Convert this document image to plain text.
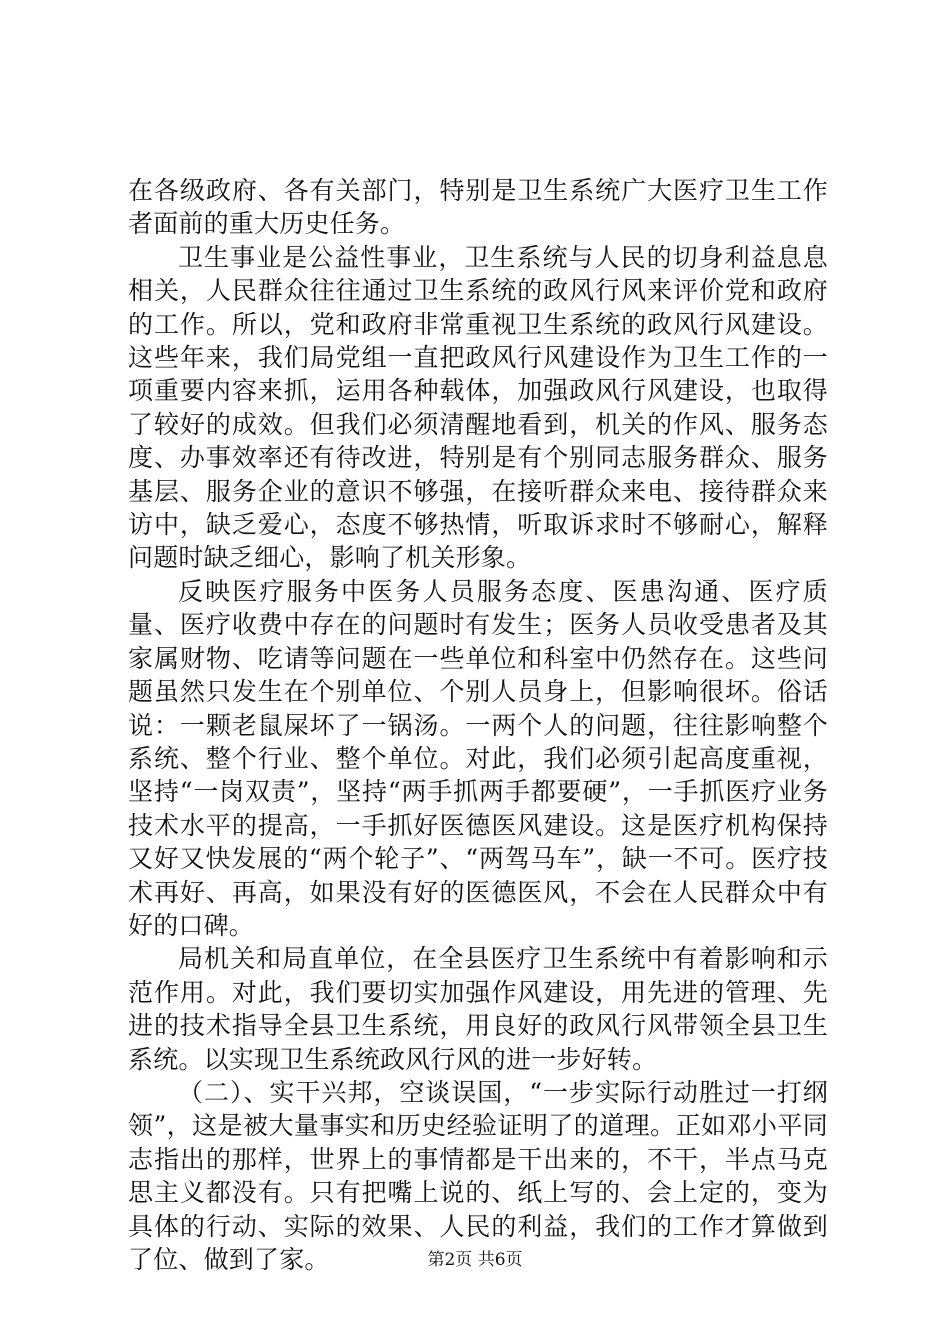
在各级政府、各有关部门，特别是卫生系统广大医疗卫生工作者面前的重大历史任务。

卫生事业是公益性事业，卫生系统与人民的切身利益息息相关，人民群众往往通过卫生系统的政风行风来评价党和政府的工作。所以，党和政府非常重视卫生系统的政风行风建设。这些年来，我们局党组一直把政风行风建设作为卫生工作的一项重要内容来抓，运用各种载体，加强政风行风建设，也取得了较好的成效。但我们必须清醒地看到，机关的作风、服务态度、办事效率还有待改进，特别是有个别同志服务群众、服务基层、服务企业的意识不够强，在接听群众来电、接待群众来访中，缺乏爱心，态度不够热情，听取诉求时不够耐心，解释问题时缺乏细心，影响了机关形象。

反映医疗服务中医务人员服务态度、医患沟通、医疗质量、医疗收费中存在的问题时有发生；医务人员收受患者及其家属财物、吃请等问题在一些单位和科室中仍然存在。这些问题虽然只发生在个别单位、个别人员身上，但影响很坏。俗话说：一颗老鼠屎坏了一锅汤。一两个人的问题，往往影响整个系统、整个行业、整个单位。对此，我们必须引起高度重视，坚持“一岗双责”，坚持“两手抓两手都要硬”，一手抓医疗业务技术水平的提高，一手抓好医德医风建设。这是医疗机构保持又好又快发展的“两个轮子”、“两驾马车”，缺一不可。医疗技术再好、再高，如果没有好的医德医风，不会在人民群众中有好的口碑。

局机关和局直单位，在全县医疗卫生系统中有着影响和示范作用。对此，我们要切实加强作风建设，用先进的管理、先进的技术指导全县卫生系统，用良好的政风行风带领全县卫生系统。以实现卫生系统政风行风的进一步好转。

（二）、实干兴邦，空谈误国，“一步实际行动胜过一打纲领”，这是被大量事实和历史经验证明了的道理。正如邓小平同志指出的那样，世界上的事情都是干出来的，不干，半点马克思主义都没有。只有把嘴上说的、纸上写的、会上定的，变为具体的行动、实际的效果、人民的利益，我们的工作才算做到了位、做到了家。	第2页 共6页
